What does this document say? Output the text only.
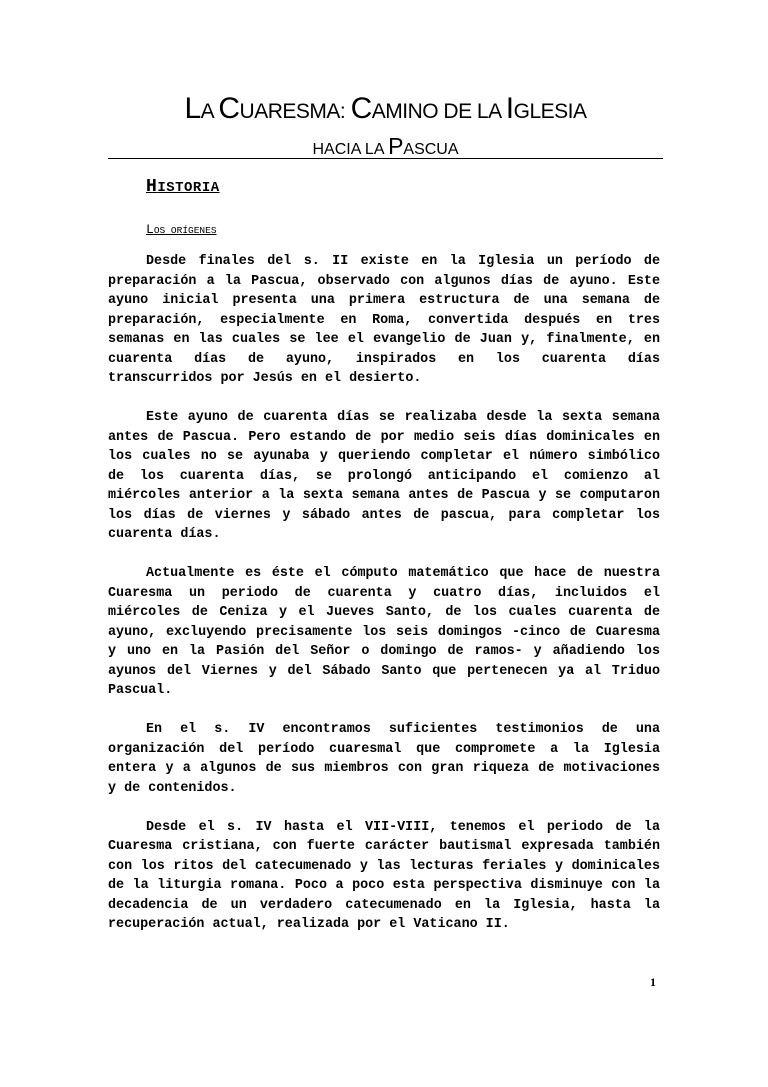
LA CUARESMA: CAMINO DE LA IGLESIA
HACIA LA PASCUA
HISTORIA
LOS ORÍGENES

Desde finales del s. II existe en la Iglesia un período de preparación a la Pascua, observado con algunos días de ayuno. Este ayuno inicial presenta una primera estructura de una semana de preparación, especialmente en Roma, convertida después en tres semanas en las cuales se lee el evangelio de Juan y, finalmente, en cuarenta días de ayuno, inspirados en los cuarenta días transcurridos por Jesús en el desierto.

Este ayuno de cuarenta días se realizaba desde la sexta semana antes de Pascua. Pero estando de por medio seis días dominicales en los cuales no se ayunaba y queriendo completar el número simbólico de los cuarenta días, se prolongó anticipando el comienzo al miércoles anterior a la sexta semana antes de Pascua y se computaron los días de viernes y sábado antes de pascua, para completar los cuarenta días.

Actualmente es éste el cómputo matemático que hace de nuestra Cuaresma un periodo de cuarenta y cuatro días, incluidos el miércoles de Ceniza y el Jueves Santo, de los cuales cuarenta de ayuno, excluyendo precisamente los seis domingos -cinco de Cuaresma y uno en la Pasión del Señor o domingo de ramos- y añadiendo los ayunos del Viernes y del Sábado Santo que pertenecen ya al Triduo Pascual.

En el s. IV encontramos suficientes testimonios de una organización del período cuaresmal que compromete a la Iglesia entera y a algunos de sus miembros con gran riqueza de motivaciones y de contenidos.

Desde el s. IV hasta el VII-VIII, tenemos el periodo de la Cuaresma cristiana, con fuerte carácter bautismal expresada también con los ritos del catecumenado y las lecturas feriales y dominicales de la liturgia romana. Poco a poco esta perspectiva disminuye con la decadencia de un verdadero catecumenado en la Iglesia, hasta la recuperación actual, realizada por el Vaticano II.

1
